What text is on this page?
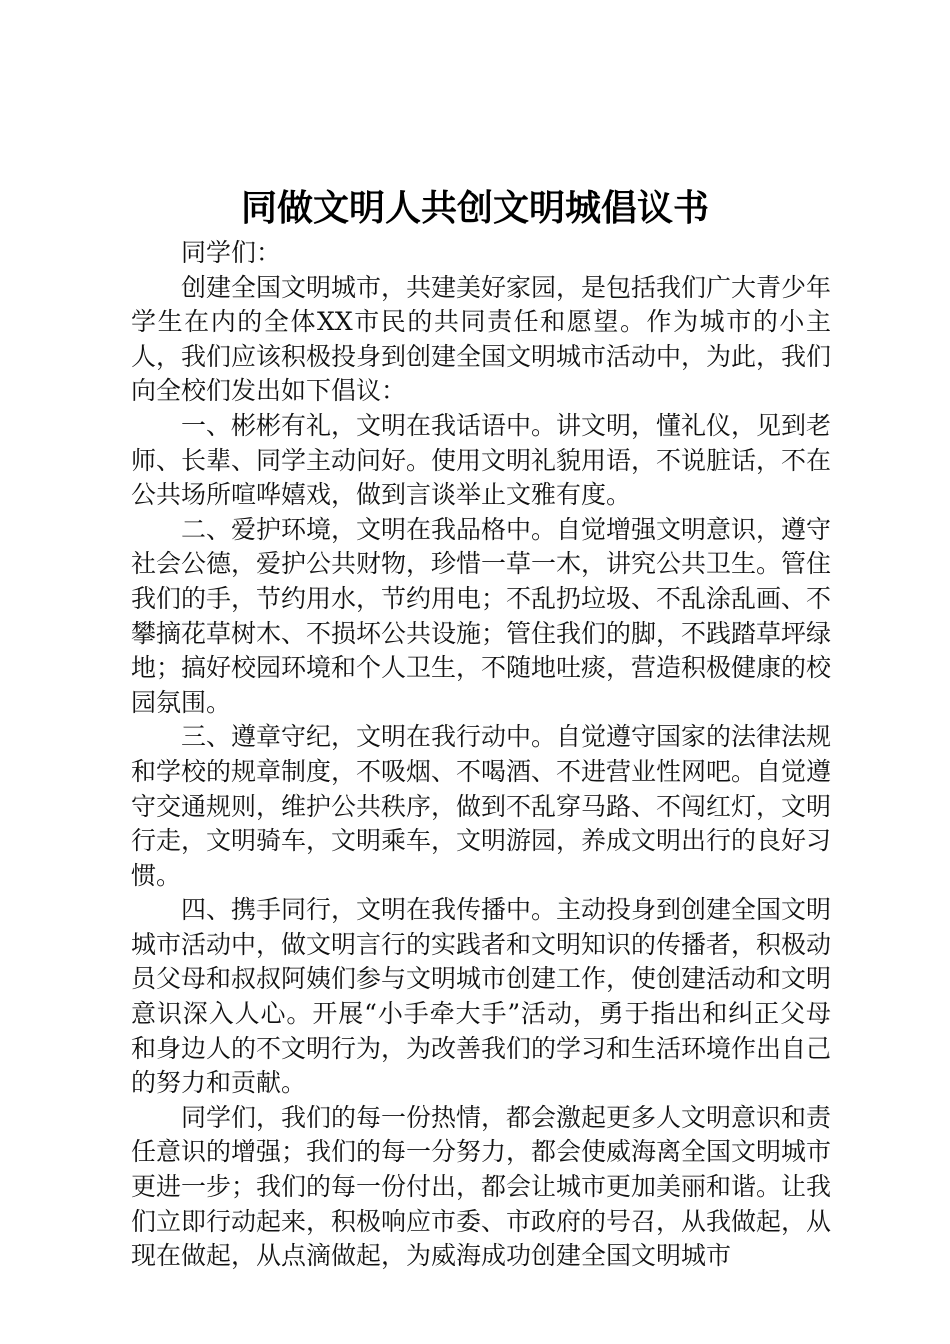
同做文明人共创文明城倡议书

同学们：

创建全国文明城市，共建美好家园，是包括我们广大青少年学生在内的全体XX市民的共同责任和愿望。作为城市的小主人，我们应该积极投身到创建全国文明城市活动中，为此，我们向全校们发出如下倡议：

一、彬彬有礼，文明在我话语中。讲文明，懂礼仪，见到老师、长辈、同学主动问好。使用文明礼貌用语，不说脏话，不在公共场所喧哗嬉戏，做到言谈举止文雅有度。

二、爱护环境，文明在我品格中。自觉增强文明意识，遵守社会公德，爱护公共财物，珍惜一草一木，讲究公共卫生。管住我们的手，节约用水，节约用电；不乱扔垃圾、不乱涂乱画、不攀摘花草树木、不损坏公共设施；管住我们的脚，不践踏草坪绿地；搞好校园环境和个人卫生，不随地吐痰，营造积极健康的校园氛围。

三、遵章守纪，文明在我行动中。自觉遵守国家的法律法规和学校的规章制度，不吸烟、不喝酒、不进营业性网吧。自觉遵守交通规则，维护公共秩序，做到不乱穿马路、不闯红灯，文明行走，文明骑车，文明乘车，文明游园，养成文明出行的良好习惯。

四、携手同行，文明在我传播中。主动投身到创建全国文明城市活动中，做文明言行的实践者和文明知识的传播者，积极动员父母和叔叔阿姨们参与文明城市创建工作，使创建活动和文明意识深入人心。开展“小手牵大手”活动，勇于指出和纠正父母和身边人的不文明行为，为改善我们的学习和生活环境作出自己的努力和贡献。

同学们，我们的每一份热情，都会激起更多人文明意识和责任意识的增强；我们的每一分努力，都会使威海离全国文明城市更进一步；我们的每一份付出，都会让城市更加美丽和谐。让我们立即行动起来，积极响应市委、市政府的号召，从我做起，从现在做起，从点滴做起，为威海成功创建全国文明城市
